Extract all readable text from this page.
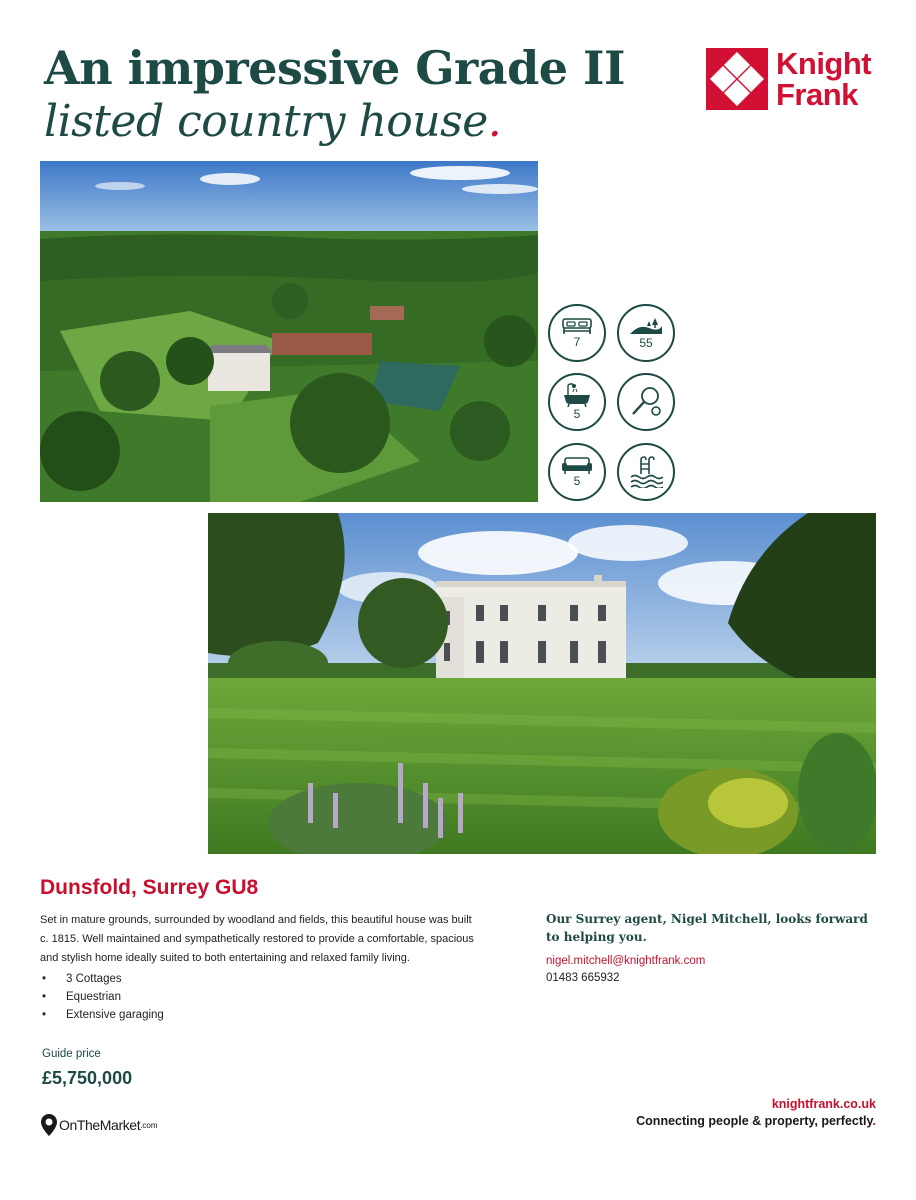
An impressive Grade II
listed country house.
Knight
Frank
7	55
5
5
Dunsfold, Surrey GU8
Set in mature grounds, surrounded by woodland and fields, this beautiful house was built c. 1815. Well maintained and sympathetically restored to provide a comfortable, spacious and stylish home ideally suited to both entertaining and relaxed family living.
• 3 Cottages
• Equestrian
• Extensive garaging
Guide price
£5,750,000
Our Surrey agent, Nigel Mitchell, looks forward to helping you.
nigel.mitchell@knightfrank.com
01483 665932
OnTheMarket .com
knightfrank.co.uk
Connecting people & property, perfectly.
